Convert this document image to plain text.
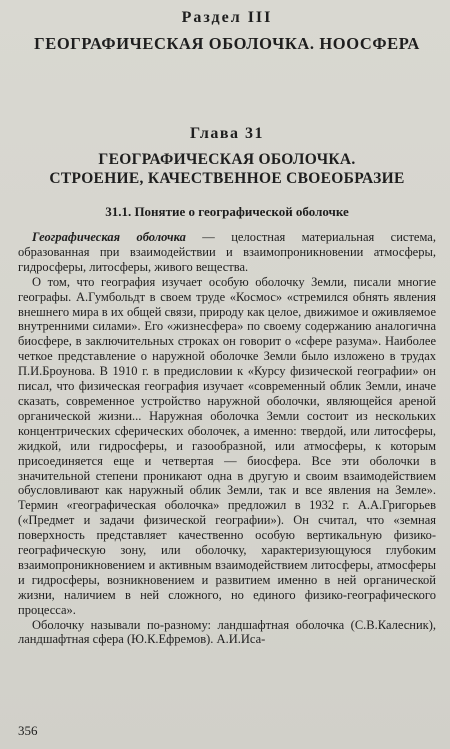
Раздел III
ГЕОГРАФИЧЕСКАЯ ОБОЛОЧКА. НООСФЕРА
Глава 31
ГЕОГРАФИЧЕСКАЯ ОБОЛОЧКА.
СТРОЕНИЕ, КАЧЕСТВЕННОЕ СВОЕОБРАЗИЕ
31.1. Понятие о географической оболочке

Географическая оболочка — целостная материальная система, образованная при взаимодействии и взаимопроникновении атмосферы, гидросферы, литосферы, живого вещества.

О том, что география изучает особую оболочку Земли, писали многие географы. А.Гумбольдт в своем труде «Космос» «стремился обнять явления внешнего мира в их общей связи, природу как целое, движимое и оживляемое внутренними силами». Его «жизнесфера» по своему содержанию аналогична биосфере, в заключительных строках он говорит о «сфере разума». Наиболее четкое представление о наружной оболочке Земли было изложено в трудах П.И.Броунова. В 1910 г. в предисловии к «Курсу физической географии» он писал, что физическая география изучает «современный облик Земли, иначе сказать, современное устройство наружной оболочки, являющейся ареной органической жизни... Наружная оболочка Земли состоит из нескольких концентрических сферических оболочек, а именно: твердой, или литосферы, жидкой, или гидросферы, и газообразной, или атмосферы, к которым присоединяется еще и четвертая — биосфера. Все эти оболочки в значительной степени проникают одна в другую и своим взаимодействием обусловливают как наружный облик Земли, так и все явления на Земле». Термин «географическая оболочка» предложил в 1932 г. А.А.Григорьев («Предмет и задачи физической географии»). Он считал, что «земная поверхность представляет качественно особую вертикальную физико-географическую зону, или оболочку, характеризующуюся глубоким взаимопроникновением и активным взаимодействием литосферы, атмосферы и гидросферы, возникновением и развитием именно в ней органической жизни, наличием в ней сложного, но единого физико-географического процесса».

Оболочку называли по-разному: ландшафтная оболочка (С.В.Калесник), ландшафтная сфера (Ю.К.Ефремов). А.И.Иса-

356
